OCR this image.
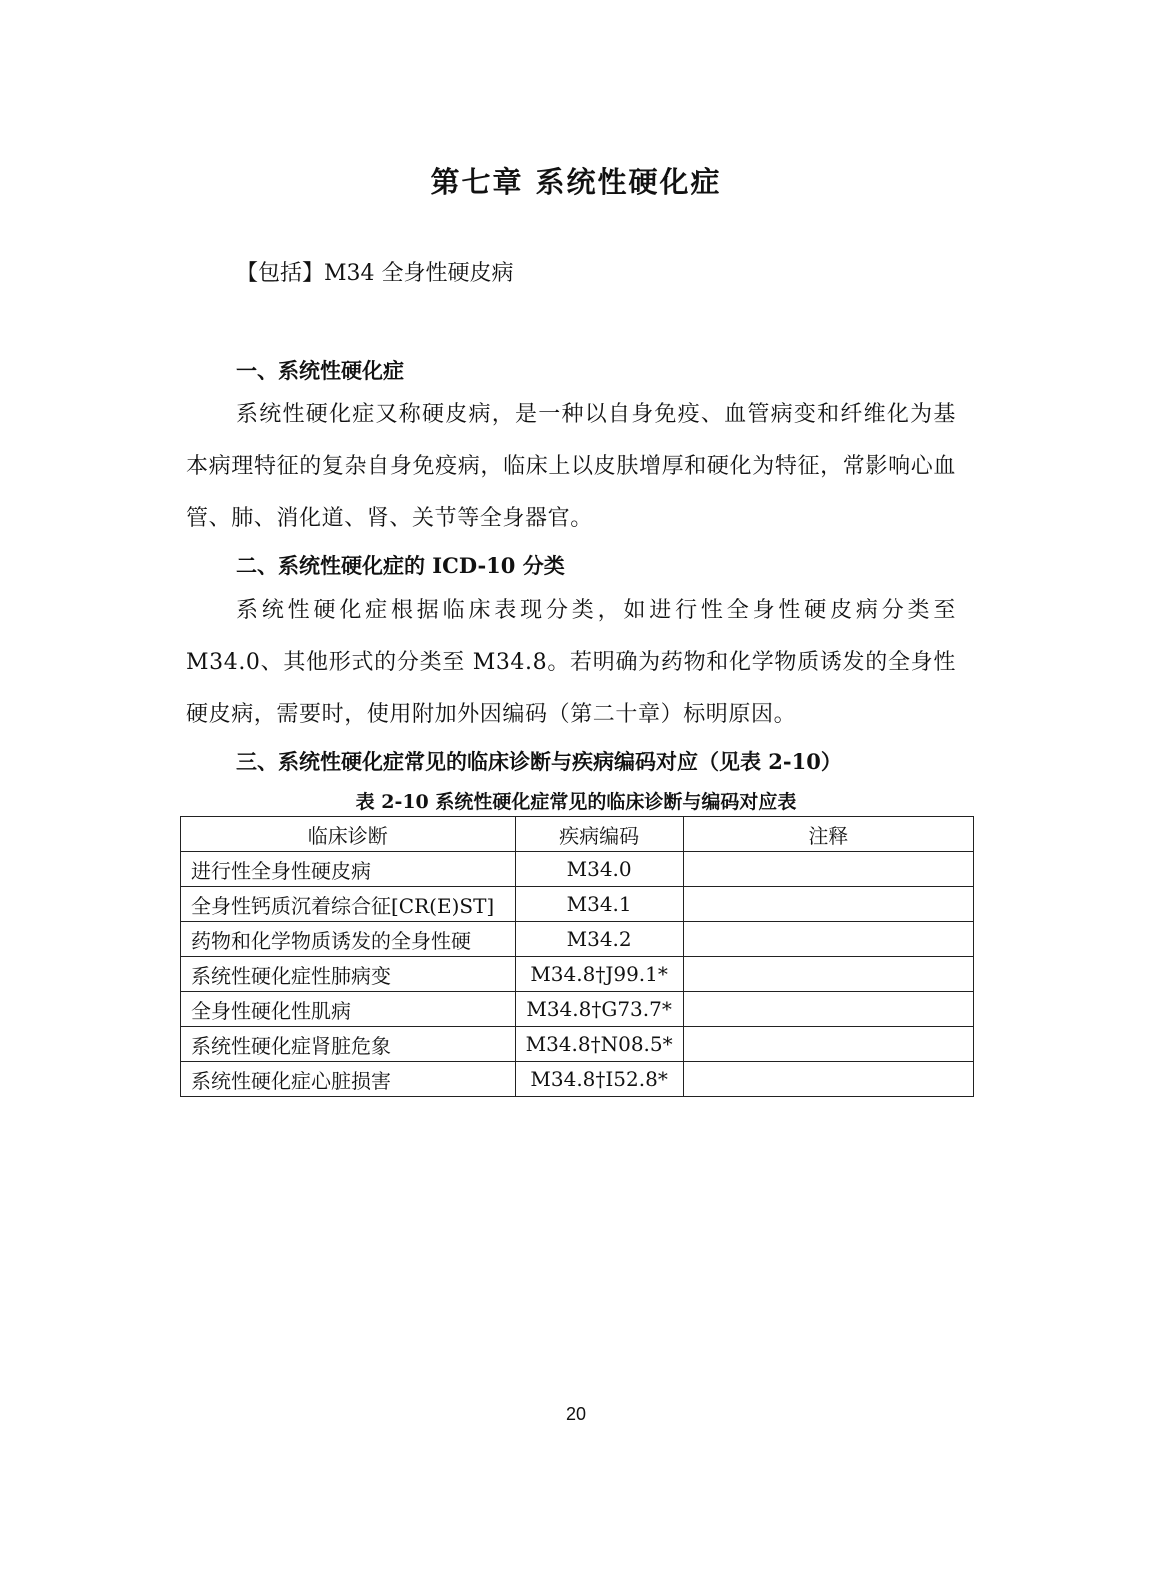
第七章 系统性硬化症
【包括】M34 全身性硬皮病
一、系统性硬化症

系统性硬化症又称硬皮病，是一种以自身免疫、血管病变和纤维化为基本病理特征的复杂自身免疫病，临床上以皮肤增厚和硬化为特征，常影响心血管、肺、消化道、肾、关节等全身器官。

二、系统性硬化症的 ICD-10 分类

系统性硬化症根据临床表现分类，如进行性全身性硬皮病分类至M34.0、其他形式的分类至 M34.8。若明确为药物和化学物质诱发的全身性硬皮病，需要时，使用附加外因编码（第二十章）标明原因。

三、系统性硬化症常见的临床诊断与疾病编码对应（见表 2-10）
表 2-10 系统性硬化症常见的临床诊断与编码对应表
临床诊断	疾病编码	注释
进行性全身性硬皮病	M34.0	
全身性钙质沉着综合征[CR(E)ST]	M34.1	
药物和化学物质诱发的全身性硬	M34.2	
系统性硬化症性肺病变	M34.8†J99.1*	
全身性硬化性肌病	M34.8†G73.7*	
系统性硬化症肾脏危象	M34.8†N08.5*	
系统性硬化症心脏损害	M34.8†I52.8*	
20
